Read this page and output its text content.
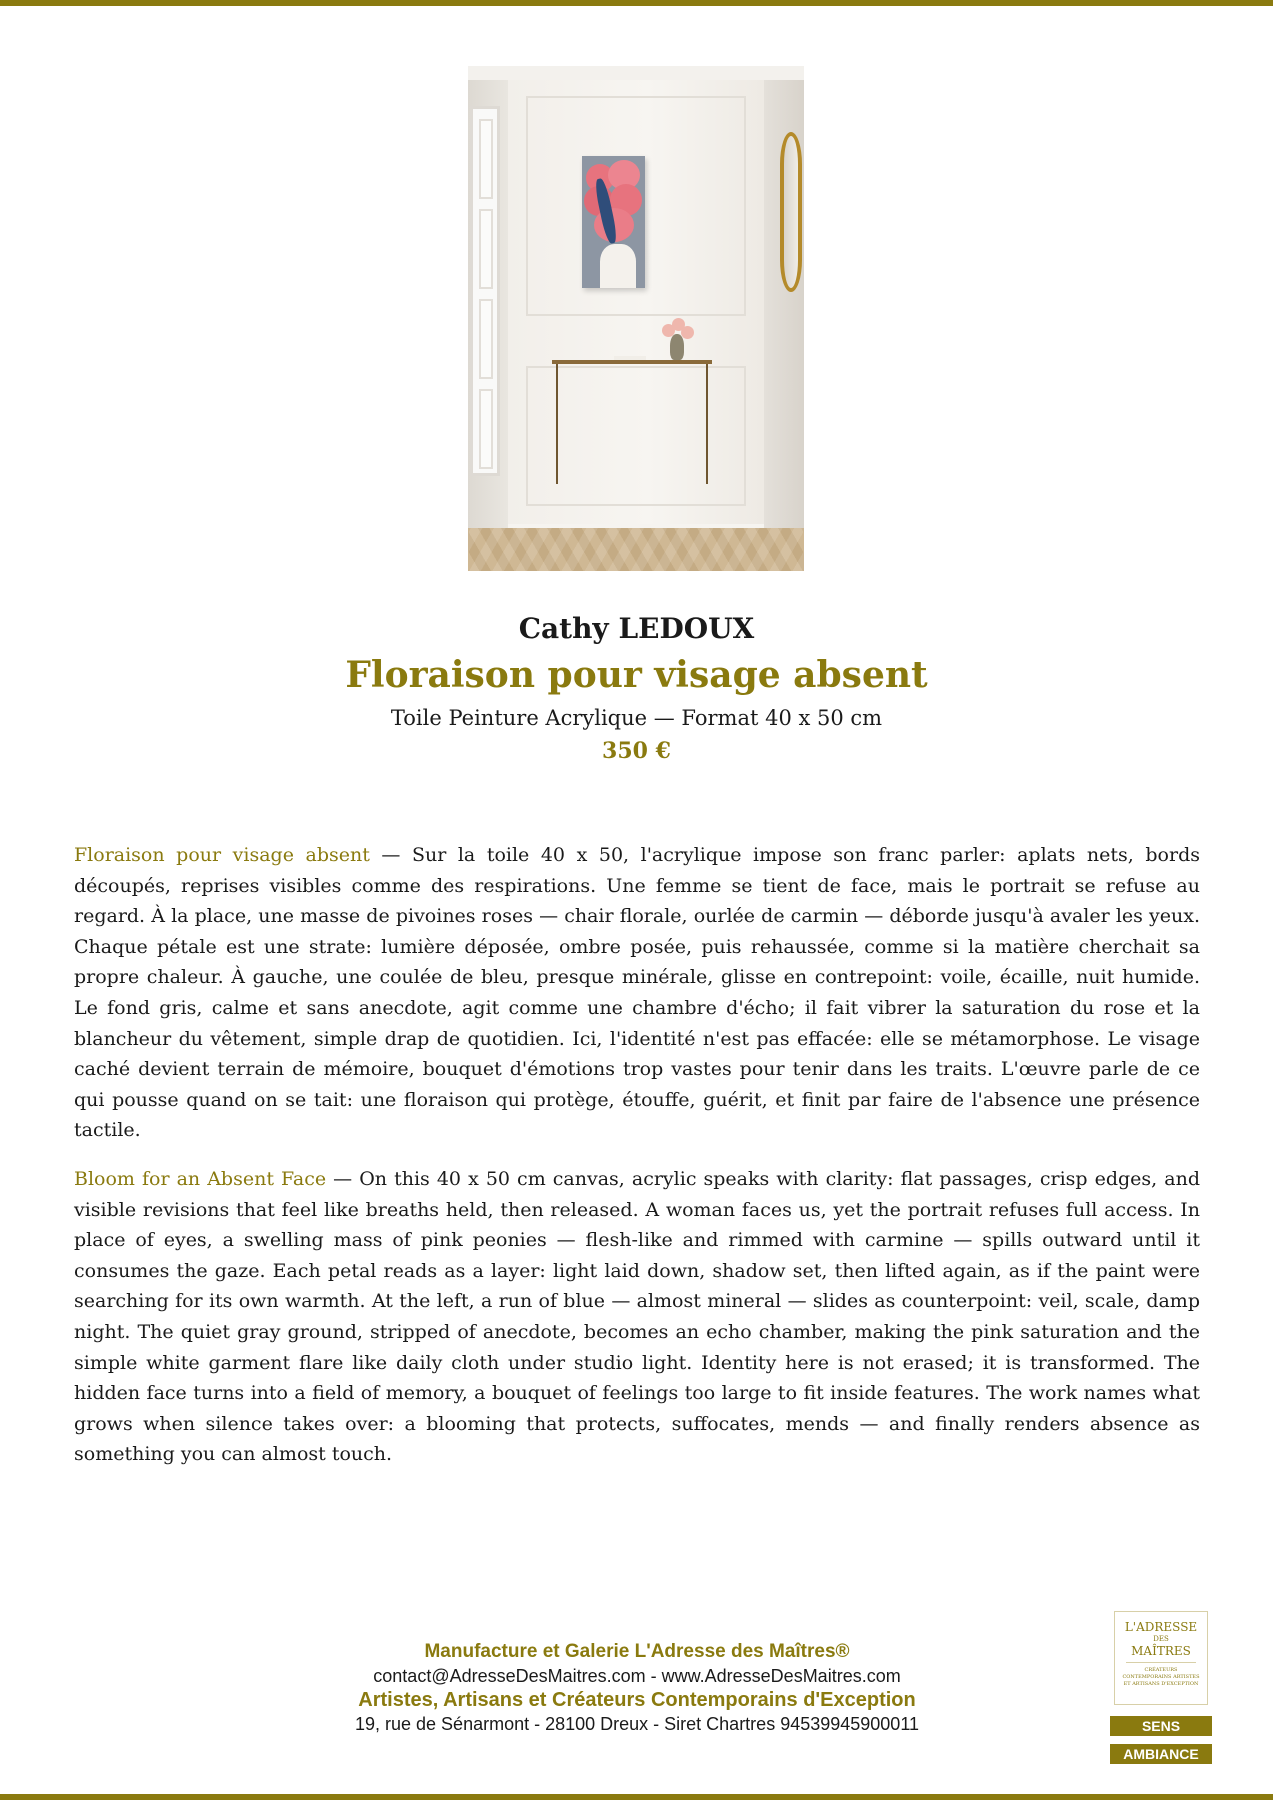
Cathy LEDOUX
Floraison pour visage absent
Toile Peinture Acrylique — Format 40 x 50 cm
350 €

Floraison pour visage absent — Sur la toile 40 x 50, l'acrylique impose son franc parler: aplats nets, bords découpés, reprises visibles comme des respirations. Une femme se tient de face, mais le portrait se refuse au regard. À la place, une masse de pivoines roses — chair florale, ourlée de carmin — déborde jusqu'à avaler les yeux. Chaque pétale est une strate: lumière déposée, ombre posée, puis rehaussée, comme si la matière cherchait sa propre chaleur. À gauche, une coulée de bleu, presque minérale, glisse en contrepoint: voile, écaille, nuit humide. Le fond gris, calme et sans anecdote, agit comme une chambre d'écho; il fait vibrer la saturation du rose et la blancheur du vêtement, simple drap de quotidien. Ici, l'identité n'est pas effacée: elle se métamorphose. Le visage caché devient terrain de mémoire, bouquet d'émotions trop vastes pour tenir dans les traits. L'œuvre parle de ce qui pousse quand on se tait: une floraison qui protège, étouffe, guérit, et finit par faire de l'absence une présence tactile.

Bloom for an Absent Face — On this 40 x 50 cm canvas, acrylic speaks with clarity: flat passages, crisp edges, and visible revisions that feel like breaths held, then released. A woman faces us, yet the portrait refuses full access. In place of eyes, a swelling mass of pink peonies — flesh-like and rimmed with carmine — spills outward until it consumes the gaze. Each petal reads as a layer: light laid down, shadow set, then lifted again, as if the paint were searching for its own warmth. At the left, a run of blue — almost mineral — slides as counterpoint: veil, scale, damp night. The quiet gray ground, stripped of anecdote, becomes an echo chamber, making the pink saturation and the simple white garment flare like daily cloth under studio light. Identity here is not erased; it is transformed. The hidden face turns into a field of memory, a bouquet of feelings too large to fit inside features. The work names what grows when silence takes over: a blooming that protects, suffocates, mends — and finally renders absence as something you can almost touch.

Manufacture et Galerie L'Adresse des Maîtres®
contact@AdresseDesMaitres.com - www.AdresseDesMaitres.com
Artistes, Artisans et Créateurs Contemporains d'Exception
19, rue de Sénarmont - 28100 Dreux - Siret Chartres 94539945900011
L'ADRESSE
DES
MAÎTRES
CRÉATEURS CONTEMPORAINS ARTISTES ET ARTISANS D'EXCEPTION
SENS
AMBIANCE
